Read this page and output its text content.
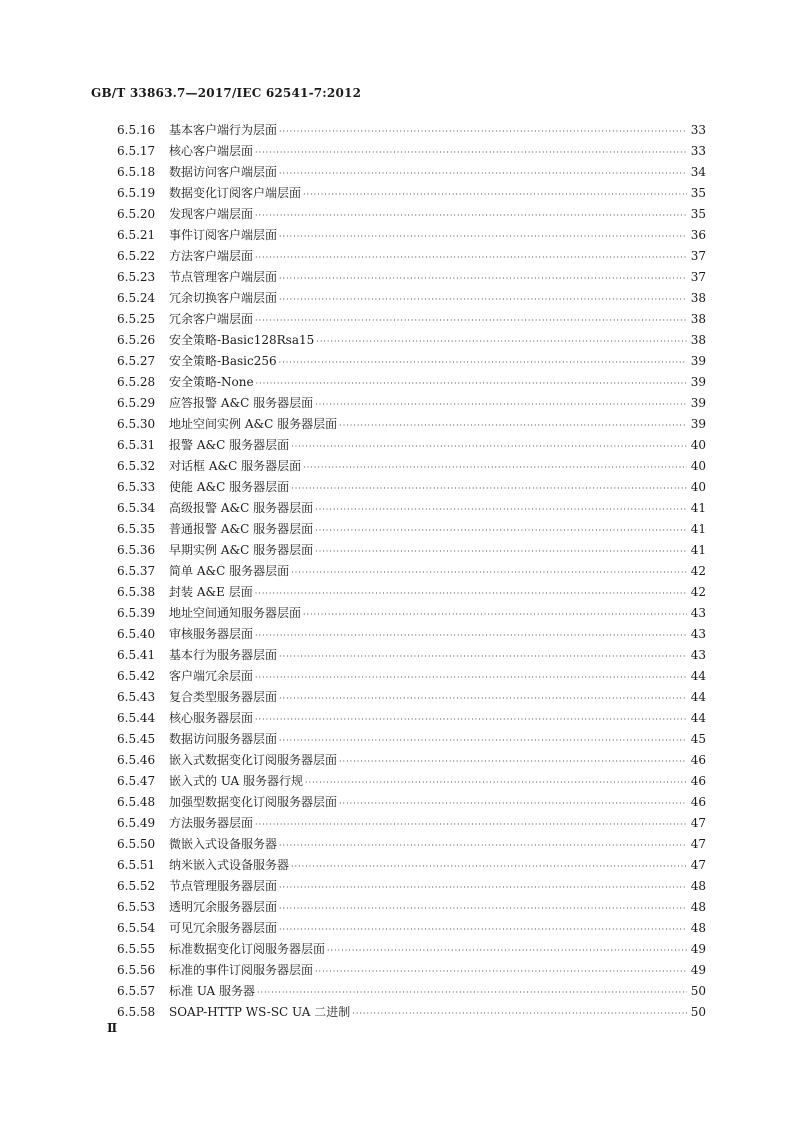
GB/T 33863.7—2017/IEC 62541-7:2012
6.5.16 基本客户端行为层面 ·····	33
6.5.17 核心客户端层面 ·····	33
6.5.18 数据访问客户端层面 ·····	34
6.5.19 数据变化订阅客户端层面 ·····	35
6.5.20 发现客户端层面 ·····	35
6.5.21 事件订阅客户端层面 ·····	36
6.5.22 方法客户端层面 ·····	37
6.5.23 节点管理客户端层面 ·····	37
6.5.24 冗余切换客户端层面 ·····	38
6.5.25 冗余客户端层面 ·····	38
6.5.26 安全策略-Basic128Rsa15 ·····	38
6.5.27 安全策略-Basic256 ·····	39
6.5.28 安全策略-None ·····	39
6.5.29 应答报警 A&C 服务器层面 ·····	39
6.5.30 地址空间实例 A&C 服务器层面 ·····	39
6.5.31 报警 A&C 服务器层面 ·····	40
6.5.32 对话框 A&C 服务器层面 ·····	40
6.5.33 使能 A&C 服务器层面 ·····	40
6.5.34 高级报警 A&C 服务器层面 ·····	41
6.5.35 普通报警 A&C 服务器层面 ·····	41
6.5.36 早期实例 A&C 服务器层面 ·····	41
6.5.37 简单 A&C 服务器层面 ·····	42
6.5.38 封装 A&E 层面 ·····	42
6.5.39 地址空间通知服务器层面 ·····	43
6.5.40 审核服务器层面 ·····	43
6.5.41 基本行为服务器层面 ·····	43
6.5.42 客户端冗余层面 ·····	44
6.5.43 复合类型服务器层面 ·····	44
6.5.44 核心服务器层面 ·····	44
6.5.45 数据访问服务器层面 ·····	45
6.5.46 嵌入式数据变化订阅服务器层面 ·····	46
6.5.47 嵌入式的 UA 服务器行规 ·····	46
6.5.48 加强型数据变化订阅服务器层面 ·····	46
6.5.49 方法服务器层面 ·····	47
6.5.50 微嵌入式设备服务器 ·····	47
6.5.51 纳米嵌入式设备服务器 ·····	47
6.5.52 节点管理服务器层面 ·····	48
6.5.53 透明冗余服务器层面 ·····	48
6.5.54 可见冗余服务器层面 ·····	48
6.5.55 标准数据变化订阅服务器层面 ·····	49
6.5.56 标准的事件订阅服务器层面 ·····	49
6.5.57 标准 UA 服务器 ·····	50
6.5.58 SOAP-HTTP WS-SC UA 二进制 ·····	50
Ⅱ
